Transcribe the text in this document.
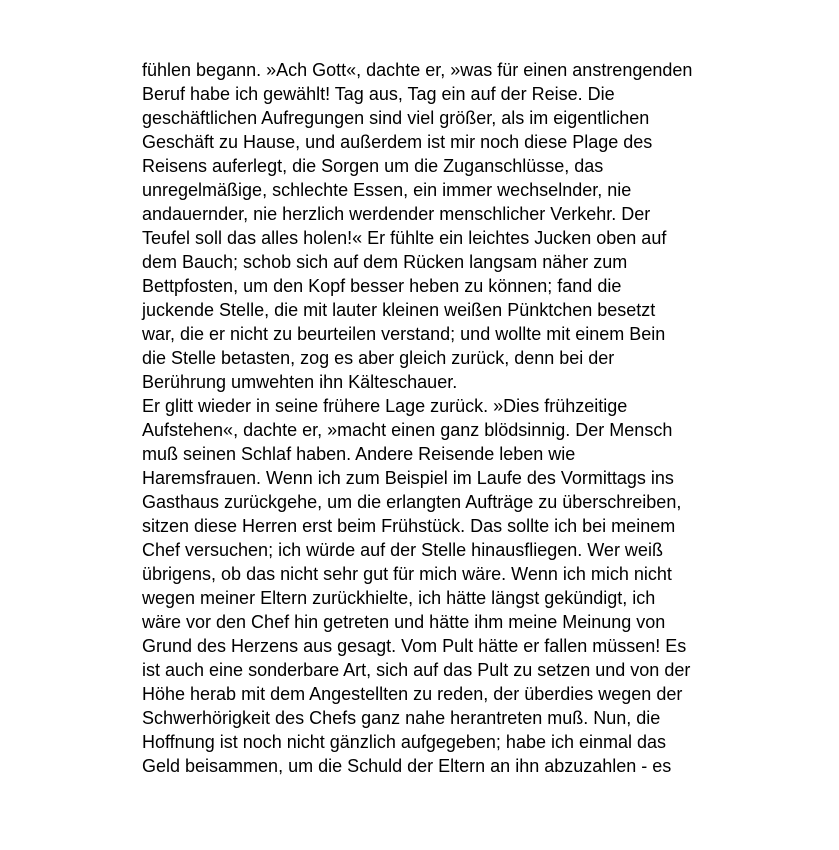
fühlen begann. »Ach Gott«, dachte er, »was für einen anstrengenden
Beruf habe ich gewählt! Tag aus, Tag ein auf der Reise. Die
geschäftlichen Aufregungen sind viel größer, als im eigentlichen
Geschäft zu Hause, und außerdem ist mir noch diese Plage des
Reisens auferlegt, die Sorgen um die Zuganschlüsse, das
unregelmäßige, schlechte Essen, ein immer wechselnder, nie
andauernder, nie herzlich werdender menschlicher Verkehr. Der
Teufel soll das alles holen!« Er fühlte ein leichtes Jucken oben auf
dem Bauch; schob sich auf dem Rücken langsam näher zum
Bettpfosten, um den Kopf besser heben zu können; fand die
juckende Stelle, die mit lauter kleinen weißen Pünktchen besetzt
war, die er nicht zu beurteilen verstand; und wollte mit einem Bein
die Stelle betasten, zog es aber gleich zurück, denn bei der
Berührung umwehten ihn Kälteschauer.
Er glitt wieder in seine frühere Lage zurück. »Dies frühzeitige
Aufstehen«, dachte er, »macht einen ganz blödsinnig. Der Mensch
muß seinen Schlaf haben. Andere Reisende leben wie
Haremsfrauen. Wenn ich zum Beispiel im Laufe des Vormittags ins
Gasthaus zurückgehe, um die erlangten Aufträge zu überschreiben,
sitzen diese Herren erst beim Frühstück. Das sollte ich bei meinem
Chef versuchen; ich würde auf der Stelle hinausfliegen. Wer weiß
übrigens, ob das nicht sehr gut für mich wäre. Wenn ich mich nicht
wegen meiner Eltern zurückhielte, ich hätte längst gekündigt, ich
wäre vor den Chef hin getreten und hätte ihm meine Meinung von
Grund des Herzens aus gesagt. Vom Pult hätte er fallen müssen! Es
ist auch eine sonderbare Art, sich auf das Pult zu setzen und von der
Höhe herab mit dem Angestellten zu reden, der überdies wegen der
Schwerhörigkeit des Chefs ganz nahe herantreten muß. Nun, die
Hoffnung ist noch nicht gänzlich aufgegeben; habe ich einmal das
Geld beisammen, um die Schuld der Eltern an ihn abzuzahlen - es
